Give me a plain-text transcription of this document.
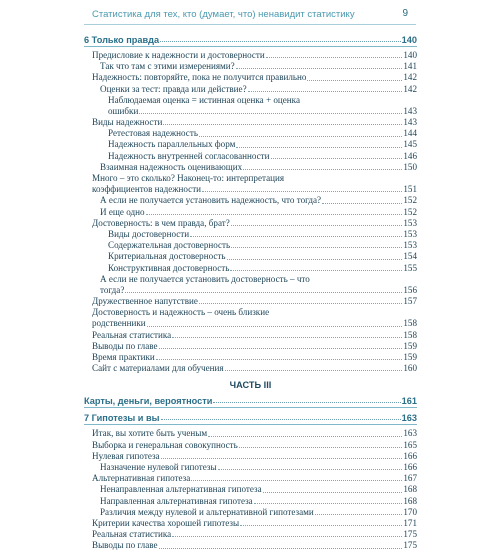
Статистика для тех, кто (думает, что) ненавидит статистику	9
6 Только правда	140
Предисловие к надежности и достоверности	140
Так что там с этими измерениями?	141
Надежность: повторяйте, пока не получится правильно	142
Оценки за тест: правда или действие?	142
Наблюдаемая оценка = истинная оценка + оценка
ошибки	143
Виды надежности	143
Ретестовая надежность	144
Надежность параллельных форм	145
Надежность внутренней согласованности	146
Взаимная надежность оценивающих	150
Много – это сколько? Наконец-то: интерпретация
коэффициентов надежности	151
А если не получается установить надежность, что тогда?	152
И еще одно	152
Достоверность: в чем правда, брат?	153
Виды достоверности	153
Содержательная достоверность	153
Критериальная достоверность	154
Конструктивная достоверность	155
А если не получается установить достоверность – что
тогда?	156
Дружественное напутствие	157
Достоверность и надежность – очень близкие
родственники	158
Реальная статистика	158
Выводы по главе	159
Время практики	159
Сайт с материалами для обучения	160
ЧАСТЬ III
Карты, деньги, вероятности	161
7 Гипотезы и вы	163
Итак, вы хотите быть ученым	163
Выборка и генеральная совокупность	165
Нулевая гипотеза	166
Назначение нулевой гипотезы	166
Альтернативная гипотеза	167
Ненаправленная альтернативная гипотеза	168
Направленная альтернативная гипотеза	168
Различия между нулевой и альтернативной гипотезами	170
Критерии качества хорошей гипотезы	171
Реальная статистика	175
Выводы по главе	175
